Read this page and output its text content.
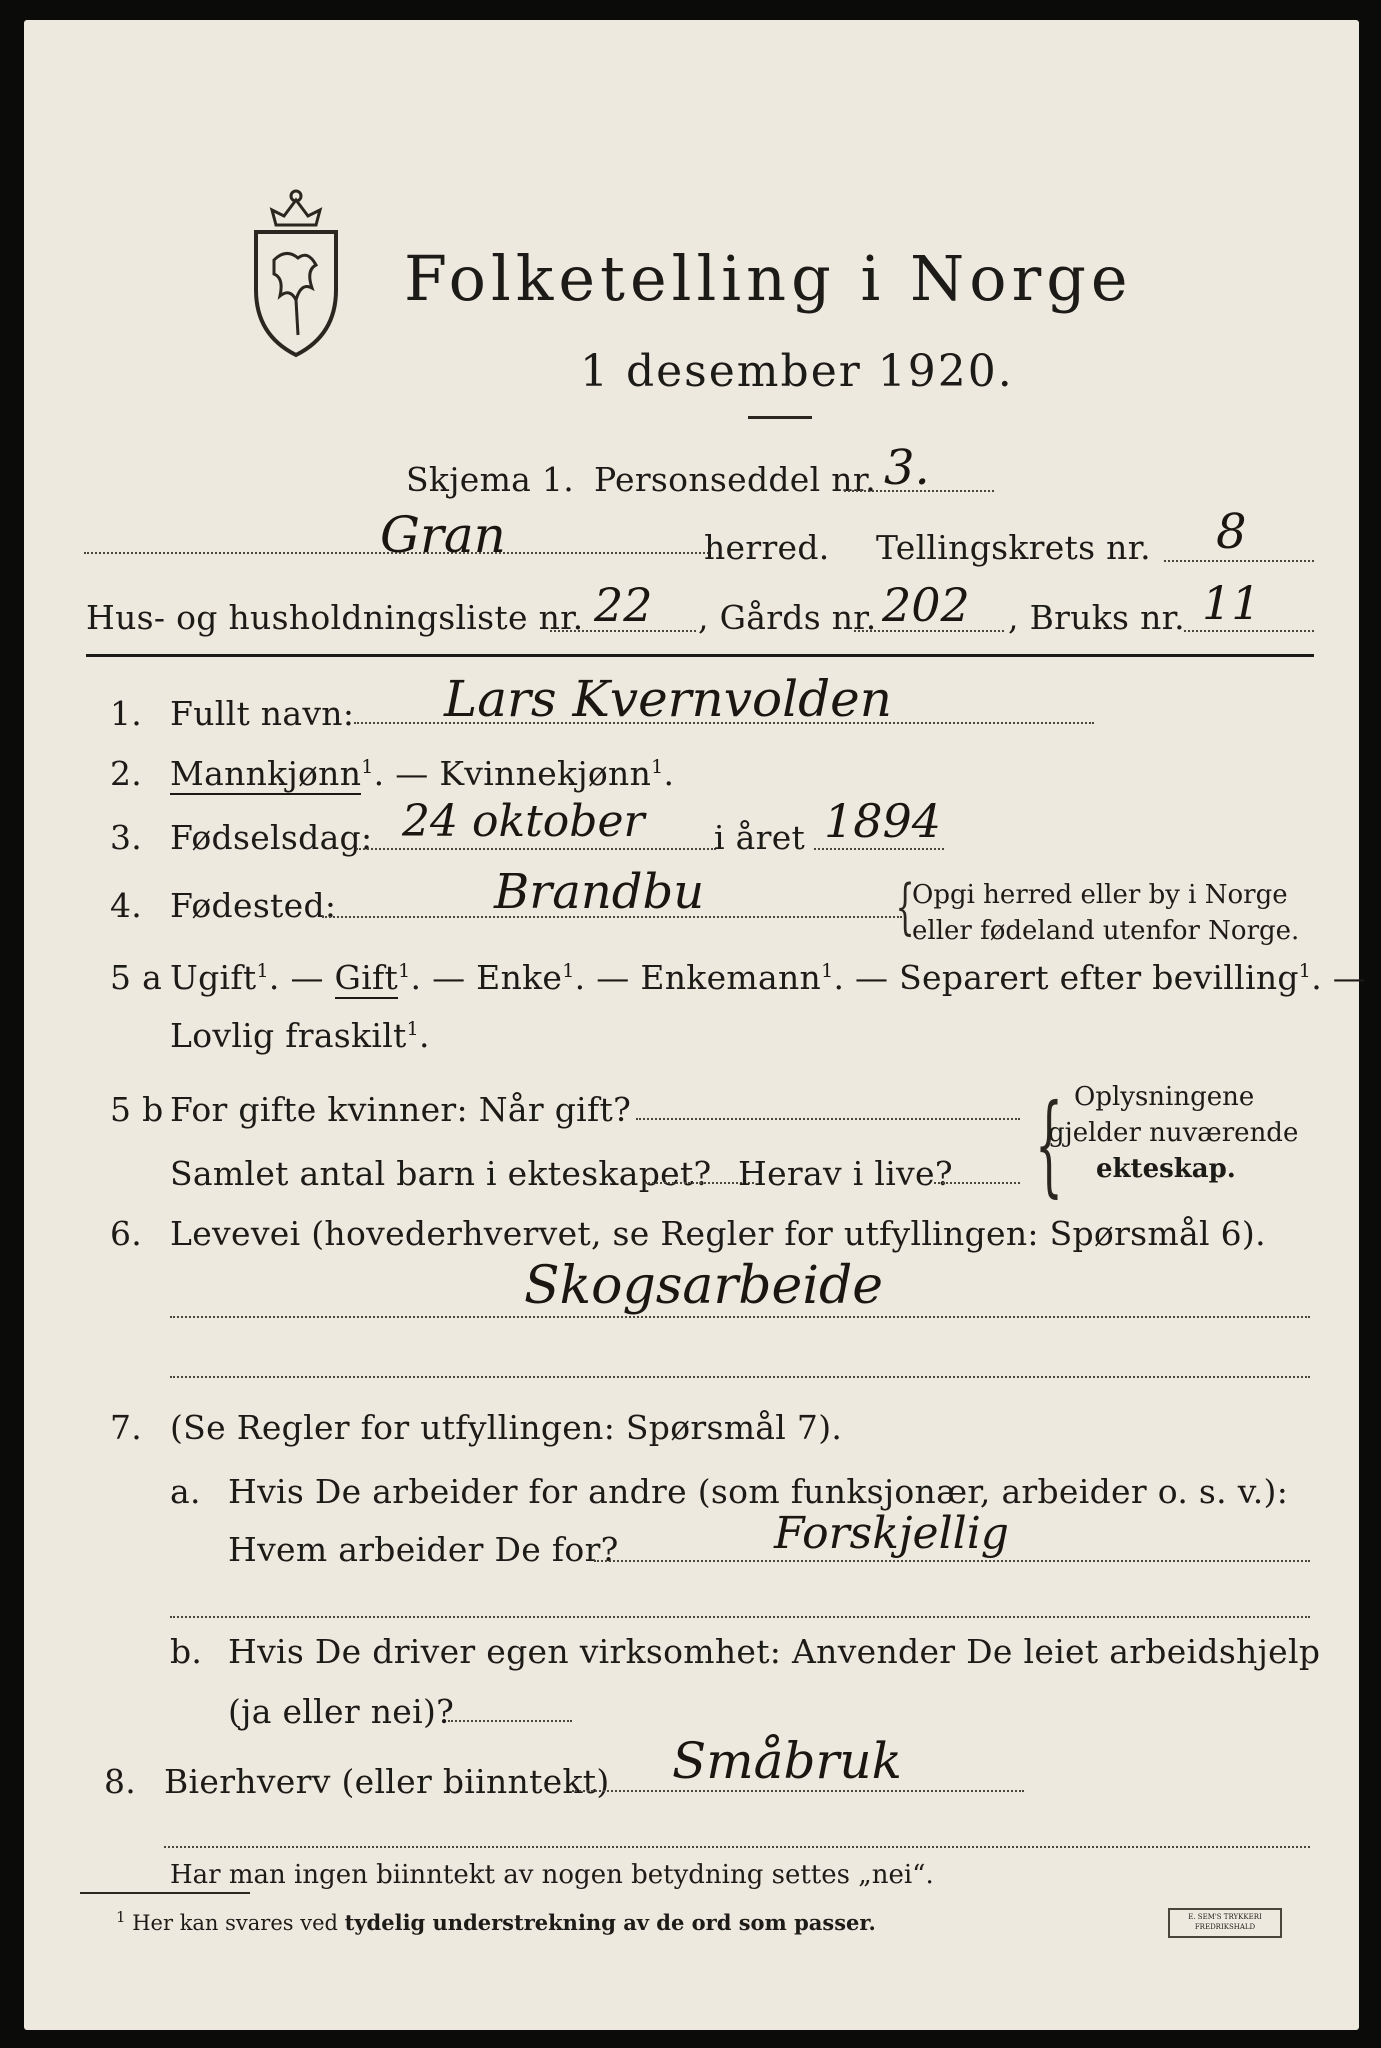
Folketelling i Norge
1 desember 1920.
Skjema 1. Personseddel nr. 3.
Gran	herred. Tellingskrets nr. 8
Hus- og husholdningsliste nr. 22 , Gårds nr. 202 , Bruks nr. 11
1. Fullt navn: Lars Kvernvolden
2. Mannkjønn$^1$. — Kvinnekjønn$^1$.
3. Fødselsdag: 24 oktober i året 1894
4. Fødested:	Brandbu	{
Opgi herred eller by i Norge
eller fødeland utenfor Norge.
5 a Ugift$^1$. — Gift$^1$. — Enke$^1$. — Enkemann$^1$. — Separert efter bevilling$^1$. —
Lovlig fraskilt$^1$.
5 b For gifte kvinner: Når gift?
Samlet antal barn i ekteskapet? Herav i live? { Oplysningene
gjelder nuværende
ekteskap.
6. Levevei (hovederhvervet, se Regler for utfyllingen: Spørsmål 6).
Skogsarbeide
7. (Se Regler for utfyllingen: Spørsmål 7).
a. Hvis De arbeider for andre (som funksjonær, arbeider o. s. v.):
Hvem arbeider De for?	Forskjellig
b. Hvis De driver egen virksomhet: Anvender De leiet arbeidshjelp
(ja eller nei)?
8. Bierhverv (eller biinntekt) Småbruk
Har man ingen biinntekt av nogen betydning settes „nei“.
$^1$ Her kan svares ved tydelig understrekning av de ord som passer.	E. SEM'S TRYKKERI
FREDRIKSHALD
